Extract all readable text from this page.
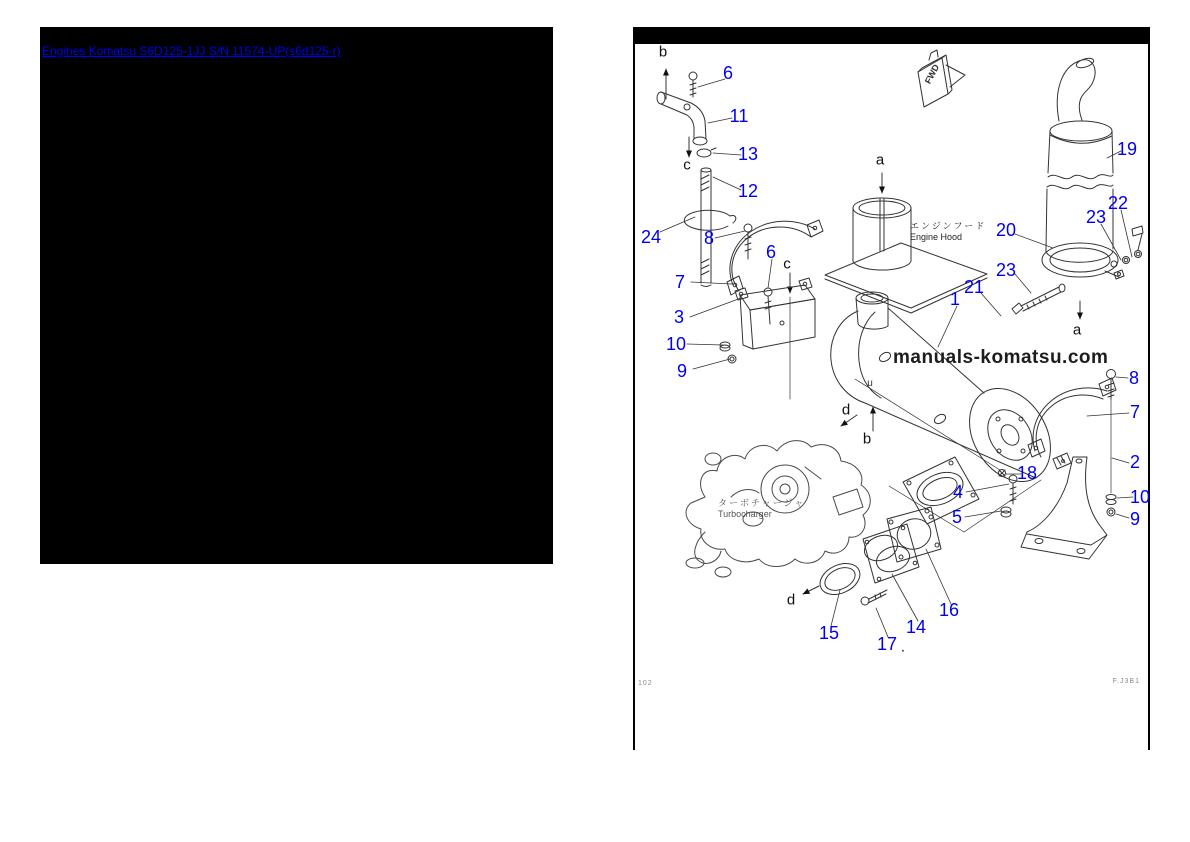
Engines Komatsu S6D125-1JJ S/N 11574-UP(s6d125-r)
manuals-komatsu.com
FWD
6
11
13
12
24 8
7
3
10
9
6
19
22
23
20
23
21
1
8
7
2
10
9
18
4
5
16
14
15
17
b
c
c
a
a
d
b
u
d
.
エンジンフード
Engine Hood
ターボチャージャ
Turbocharger
102	F.J3B1
